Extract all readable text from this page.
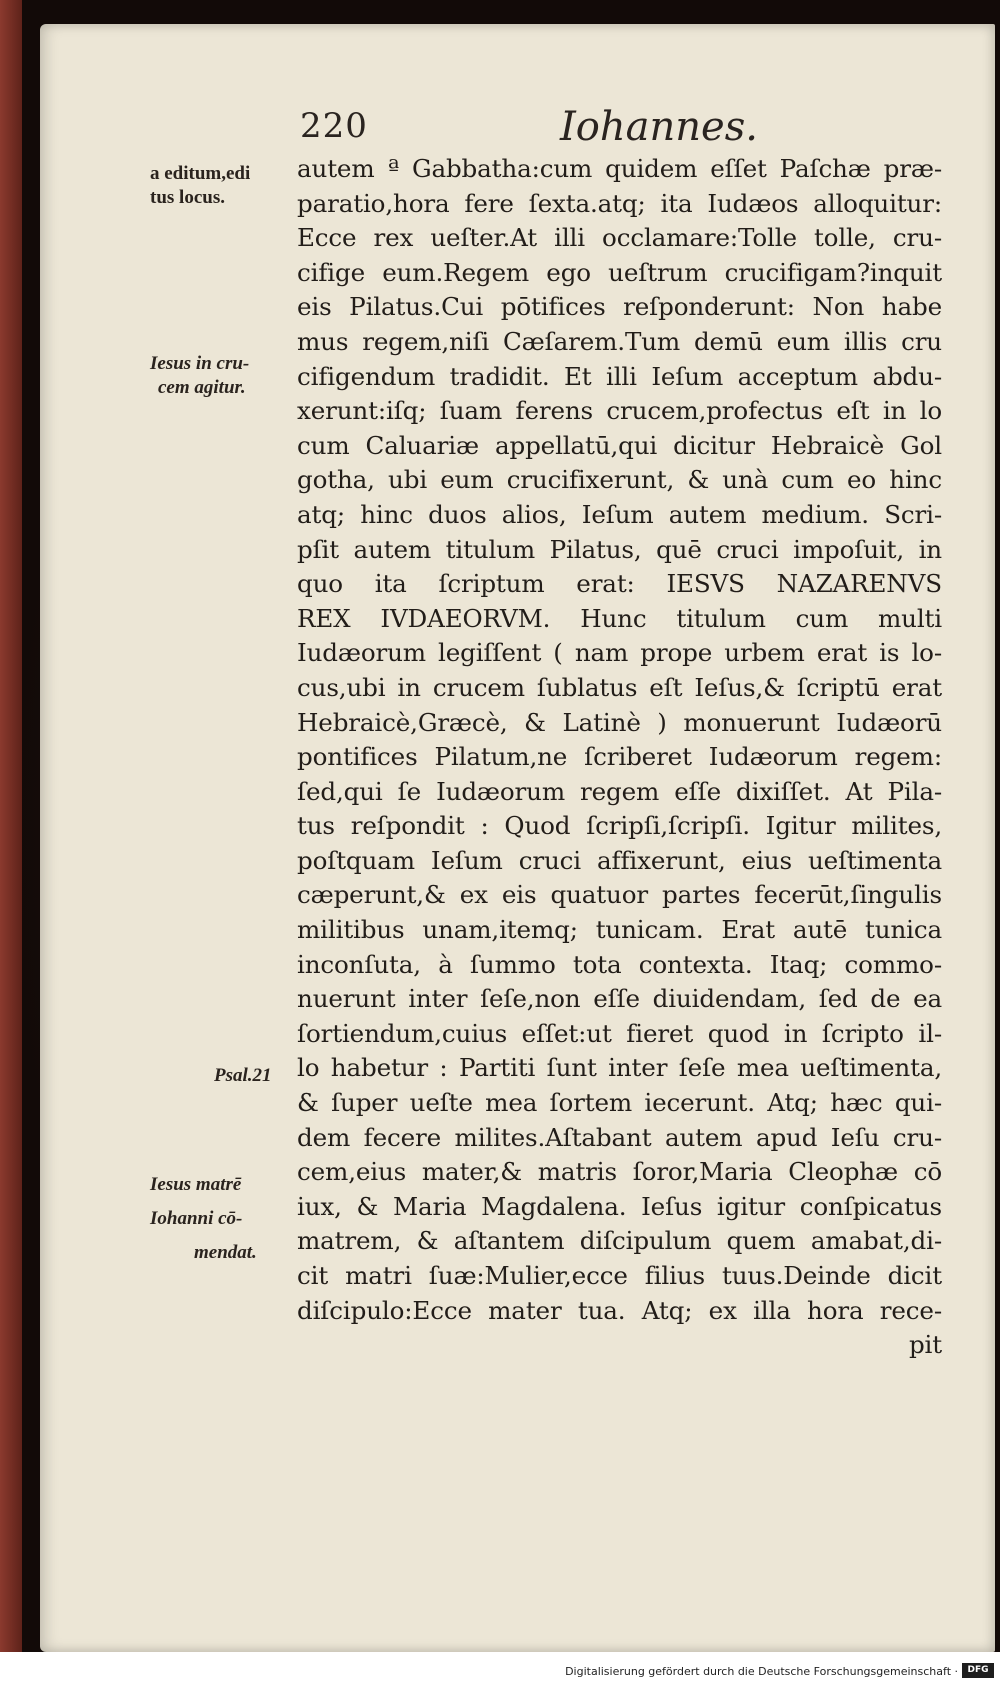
220	Iohannes.
a editum,edi
tus locus.
Iesus in cru-
cem agitur.
Psal.21
Iesus matrē
Iohanni cō-
mendat.
autem ª Gabbatha:cum quidem eſſet Paſchæ præ-
paratio,hora fere ſexta.atq; ita Iudæos alloquitur:
Ecce rex ueſter.At illi occlamare:Tolle tolle, cru-
cifige eum.Regem ego ueſtrum crucifigam?inquit
eis Pilatus.Cui pōtifices reſponderunt: Non habe
mus regem,niſi Cæſarem.Tum demū eum illis cru
cifigendum tradidit. Et illi Ieſum acceptum abdu-
xerunt:iſq; ſuam ferens crucem,profectus eſt in lo
cum Caluariæ appellatū,qui dicitur Hebraicè Gol
gotha, ubi eum crucifixerunt, & unà cum eo hinc
atq; hinc duos alios, Ieſum autem medium. Scri-
pſit autem titulum Pilatus, quē cruci impoſuit, in
quo ita ſcriptum erat: IESVS NAZARENVS
REX IVDAEORVM. Hunc titulum cum multi
Iudæorum legiſſent ( nam prope urbem erat is lo-
cus,ubi in crucem ſublatus eſt Ieſus,& ſcriptū erat
Hebraicè,Græcè, & Latinè ) monuerunt Iudæorū
pontifices Pilatum,ne ſcriberet Iudæorum regem:
ſed,qui ſe Iudæorum regem eſſe dixiſſet. At Pila-
tus reſpondit : Quod ſcripſi,ſcripſi. Igitur milites,
poſtquam Ieſum cruci affixerunt, eius ueſtimenta
cæperunt,& ex eis quatuor partes fecerūt,ſingulis
militibus unam,itemq; tunicam. Erat autē tunica
inconſuta, à ſummo tota contexta. Itaq; commo-
nuerunt inter ſeſe,non eſſe diuidendam, ſed de ea
ſortiendum,cuius eſſet:ut fieret quod in ſcripto il-
lo habetur : Partiti ſunt inter ſeſe mea ueſtimenta,
& ſuper ueſte mea ſortem iecerunt. Atq; hæc qui-
dem fecere milites.Aſtabant autem apud Ieſu cru-
cem,eius mater,& matris ſoror,Maria Cleophæ cō
iux, & Maria Magdalena. Ieſus igitur conſpicatus
matrem, & aſtantem diſcipulum quem amabat,di-
cit matri ſuæ:Mulier,ecce filius tuus.Deinde dicit
diſcipulo:Ecce mater tua. Atq; ex illa hora rece-
pit
Digitalisierung gefördert durch die Deutsche Forschungsgemeinschaft ·	DFG
